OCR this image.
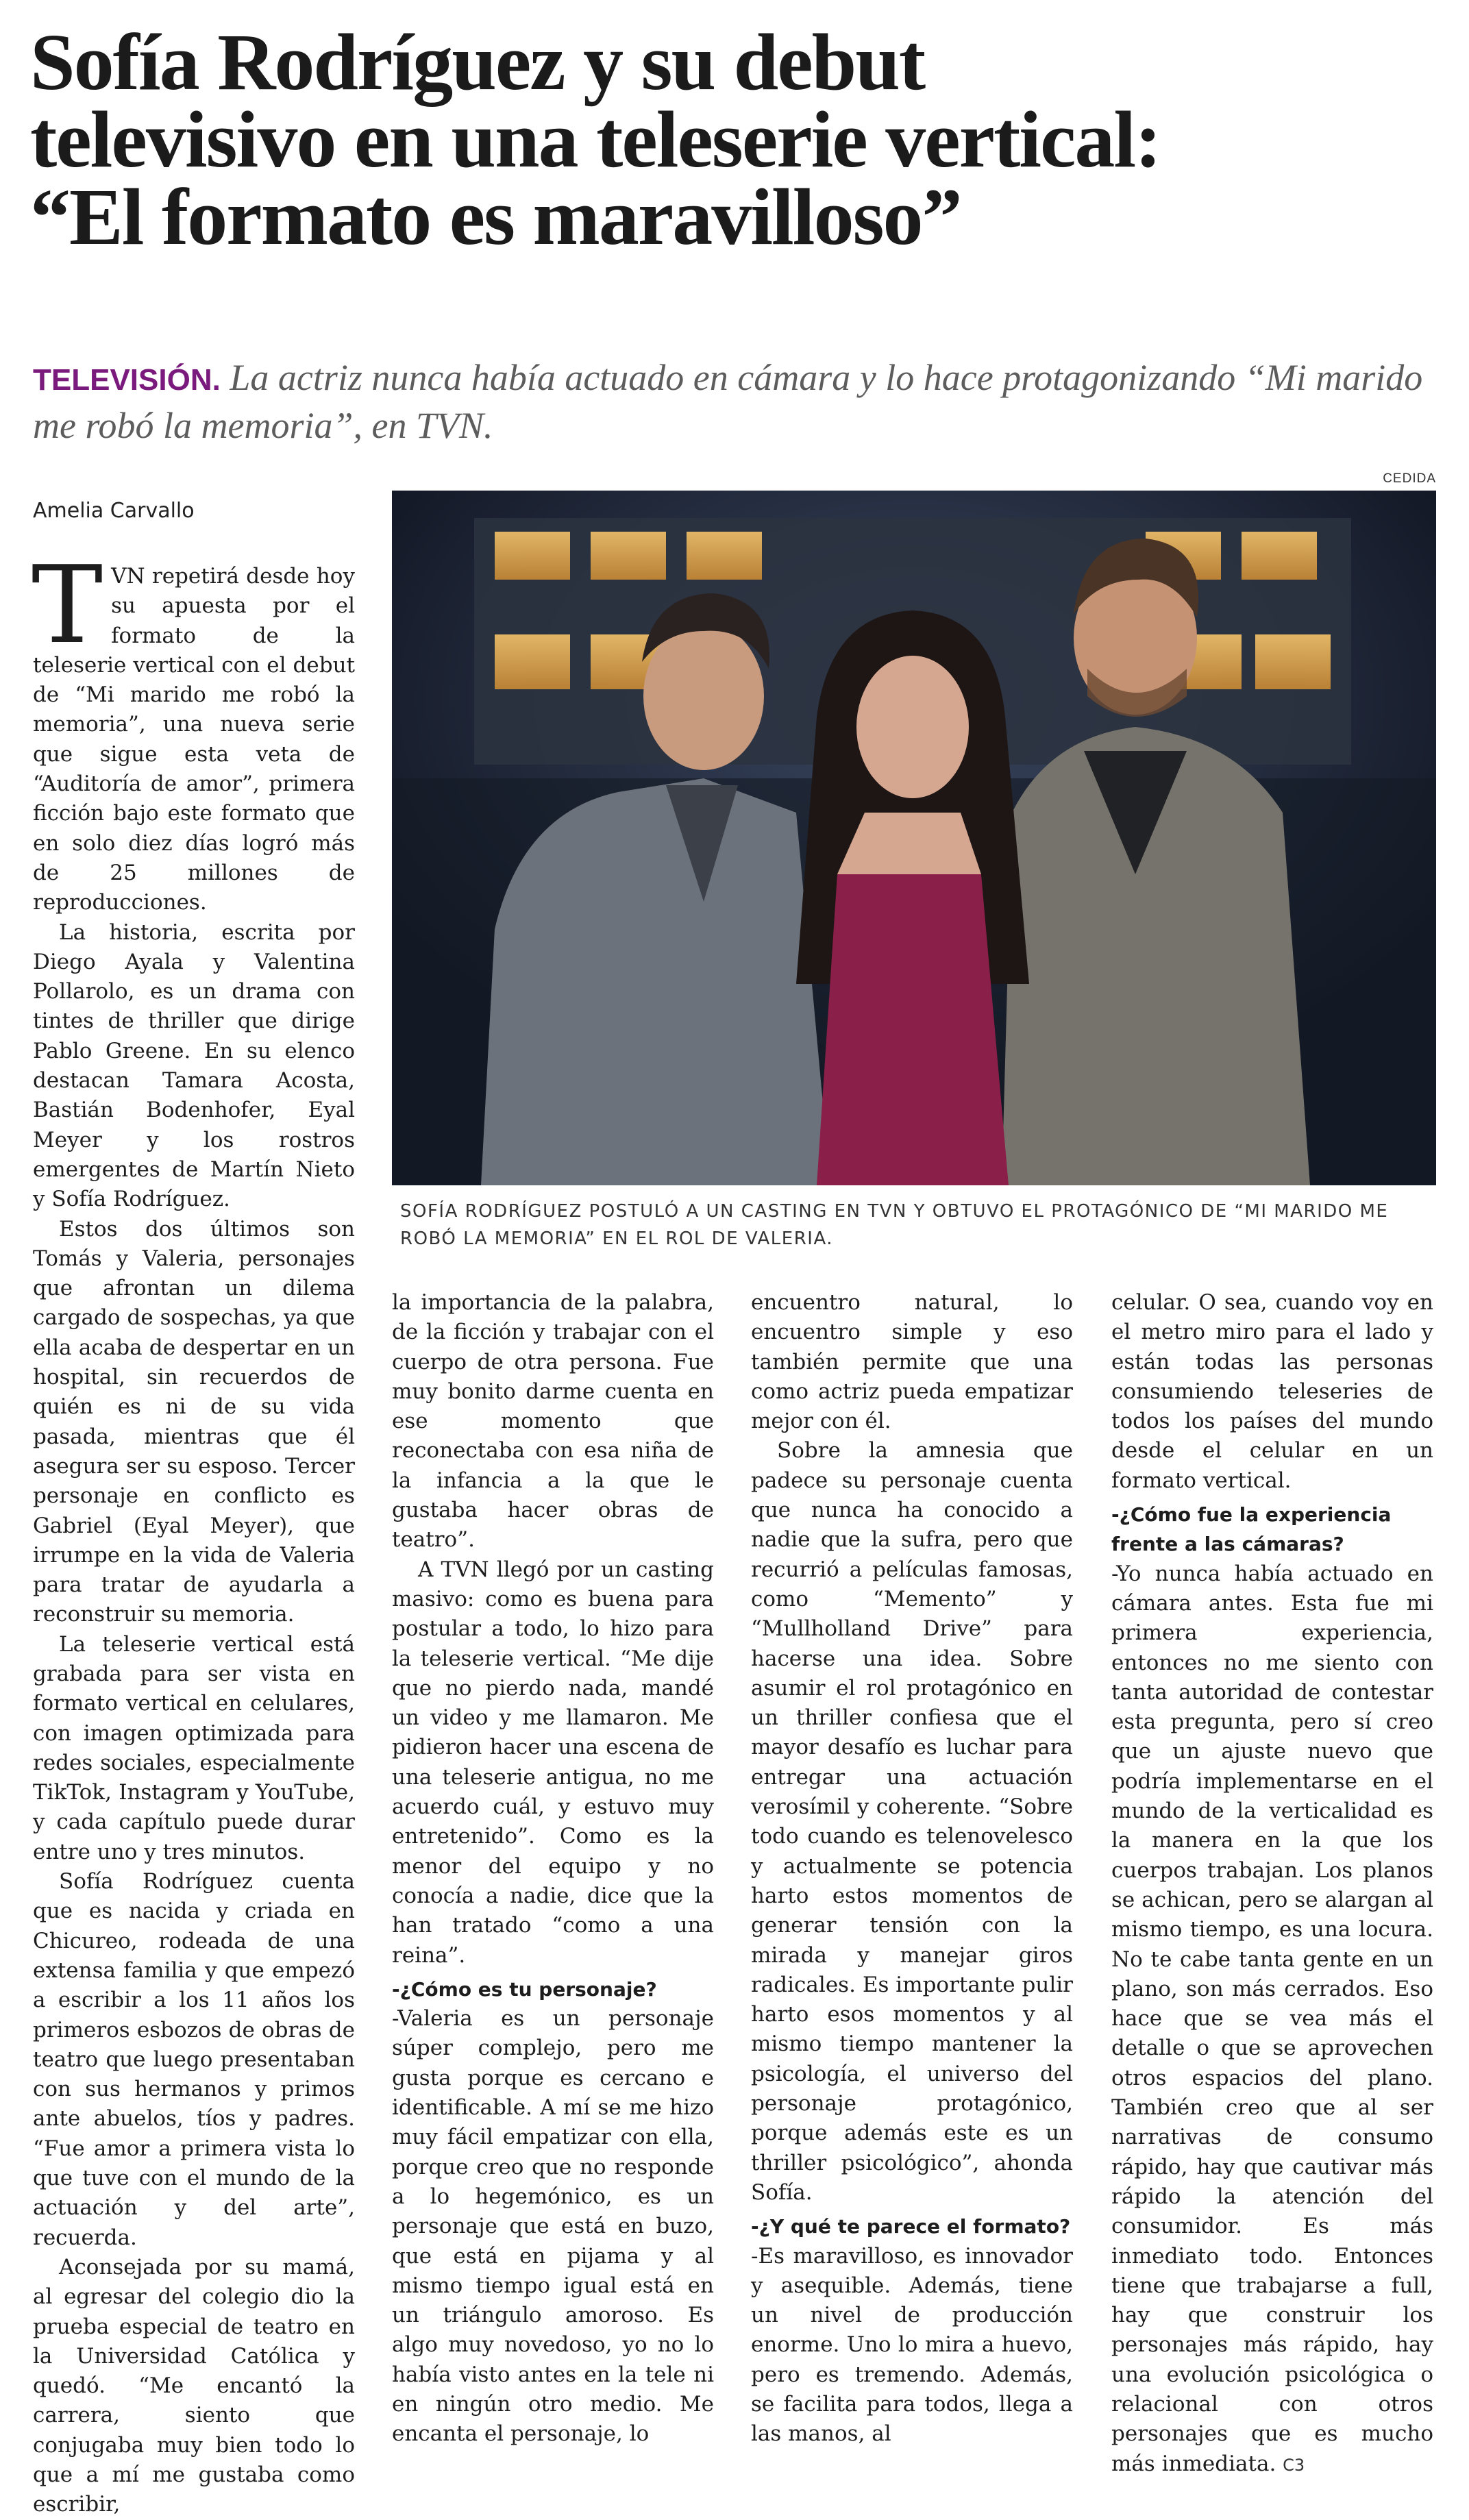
Sofía Rodríguez y su debut
televisivo en una teleserie vertical:
“El formato es maravilloso”
TELEVISIÓN. La actriz nunca había actuado en cámara y lo hace protagonizando “Mi marido me robó la memoria”, en TVN.
CEDIDA
Amelia Carvallo
SOFÍA RODRÍGUEZ POSTULÓ A UN CASTING EN TVN Y OBTUVO EL PROTAGÓNICO DE “MI MARIDO ME ROBÓ LA MEMORIA” EN EL ROL DE VALERIA.

T VN repetirá desde hoy su apuesta por el formato de la teleserie vertical con el debut de “Mi marido me robó la memoria”, una nueva serie que sigue esta veta de “Auditoría de amor”, primera ficción bajo este formato que en solo diez días logró más de 25 millones de reproducciones.

La historia, escrita por Diego Ayala y Valentina Pollarolo, es un drama con tintes de thriller que dirige Pablo Greene. En su elenco destacan Tamara Acosta, Bastián Bodenhofer, Eyal Meyer y los rostros emergentes de Martín Nieto y Sofía Rodríguez.

Estos dos últimos son Tomás y Valeria, personajes que afrontan un dilema cargado de sospechas, ya que ella acaba de despertar en un hospital, sin recuerdos de quién es ni de su vida pasada, mientras que él asegura ser su esposo. Tercer personaje en conflicto es Gabriel (Eyal Meyer), que irrumpe en la vida de Valeria para tratar de ayudarla a reconstruir su memoria.

La teleserie vertical está grabada para ser vista en formato vertical en celulares, con imagen optimizada para redes sociales, especialmente TikTok, Instagram y YouTube, y cada capítulo puede durar entre uno y tres minutos.

Sofía Rodríguez cuenta que es nacida y criada en Chicureo, rodeada de una extensa familia y que empezó a escribir a los 11 años los primeros esbozos de obras de teatro que luego presentaban con sus hermanos y primos ante abuelos, tíos y padres. “Fue amor a primera vista lo que tuve con el mundo de la actuación y del arte”, recuerda.

Aconsejada por su mamá, al egresar del colegio dio la prueba especial de teatro en la Universidad Católica y quedó. “Me encantó la carrera, siento que conjugaba muy bien todo lo que a mí me gustaba como escribir,

la importancia de la palabra, de la ficción y trabajar con el cuerpo de otra persona. Fue muy bonito darme cuenta en ese momento que reconectaba con esa niña de la infancia a la que le gustaba hacer obras de teatro”.

A TVN llegó por un casting masivo: como es buena para postular a todo, lo hizo para la teleserie vertical. “Me dije que no pierdo nada, mandé un video y me llamaron. Me pidieron hacer una escena de una teleserie antigua, no me acuerdo cuál, y estuvo muy entretenido”. Como es la menor del equipo y no conocía a nadie, dice que la han tratado “como a una reina”.

-¿Cómo es tu personaje?

-Valeria es un personaje súper complejo, pero me gusta porque es cercano e identificable. A mí se me hizo muy fácil empatizar con ella, porque creo que no responde a lo hegemónico, es un personaje que está en buzo, que está en pijama y al mismo tiempo igual está en un triángulo amoroso. Es algo muy novedoso, yo no lo había visto antes en la tele ni en ningún otro medio. Me encanta el personaje, lo

encuentro natural, lo encuentro simple y eso también permite que una como actriz pueda empatizar mejor con él.

Sobre la amnesia que padece su personaje cuenta que nunca ha conocido a nadie que la sufra, pero que recurrió a películas famosas, como “Memento” y “Mullholland Drive” para hacerse una idea. Sobre asumir el rol protagónico en un thriller confiesa que el mayor desafío es luchar para entregar una actuación verosímil y coherente. “Sobre todo cuando es telenovelesco y actualmente se potencia harto estos momentos de generar tensión con la mirada y manejar giros radicales. Es importante pulir harto esos momentos y al mismo tiempo mantener la psicología, el universo del personaje protagónico, porque además este es un thriller psicológico”, ahonda Sofía.

-¿Y qué te parece el formato?

-Es maravilloso, es innovador y asequible. Además, tiene un nivel de producción enorme. Uno lo mira a huevo, pero es tremendo. Además, se facilita para todos, llega a las manos, al

celular. O sea, cuando voy en el metro miro para el lado y están todas las personas consumiendo teleseries de todos los países del mundo desde el celular en un formato vertical.

-¿Cómo fue la experiencia frente a las cámaras?

-Yo nunca había actuado en cámara antes. Esta fue mi primera experiencia, entonces no me siento con tanta autoridad de contestar esta pregunta, pero sí creo que un ajuste nuevo que podría implementarse en el mundo de la verticalidad es la manera en la que los cuerpos trabajan. Los planos se achican, pero se alargan al mismo tiempo, es una locura. No te cabe tanta gente en un plano, son más cerrados. Eso hace que se vea más el detalle o que se aprovechen otros espacios del plano. También creo que al ser narrativas de consumo rápido, hay que cautivar más rápido la atención del consumidor. Es más inmediato todo. Entonces tiene que trabajarse a full, hay que construir los personajes más rápido, hay una evolución psicológica o relacional con otros personajes que es mucho más inmediata. C3
